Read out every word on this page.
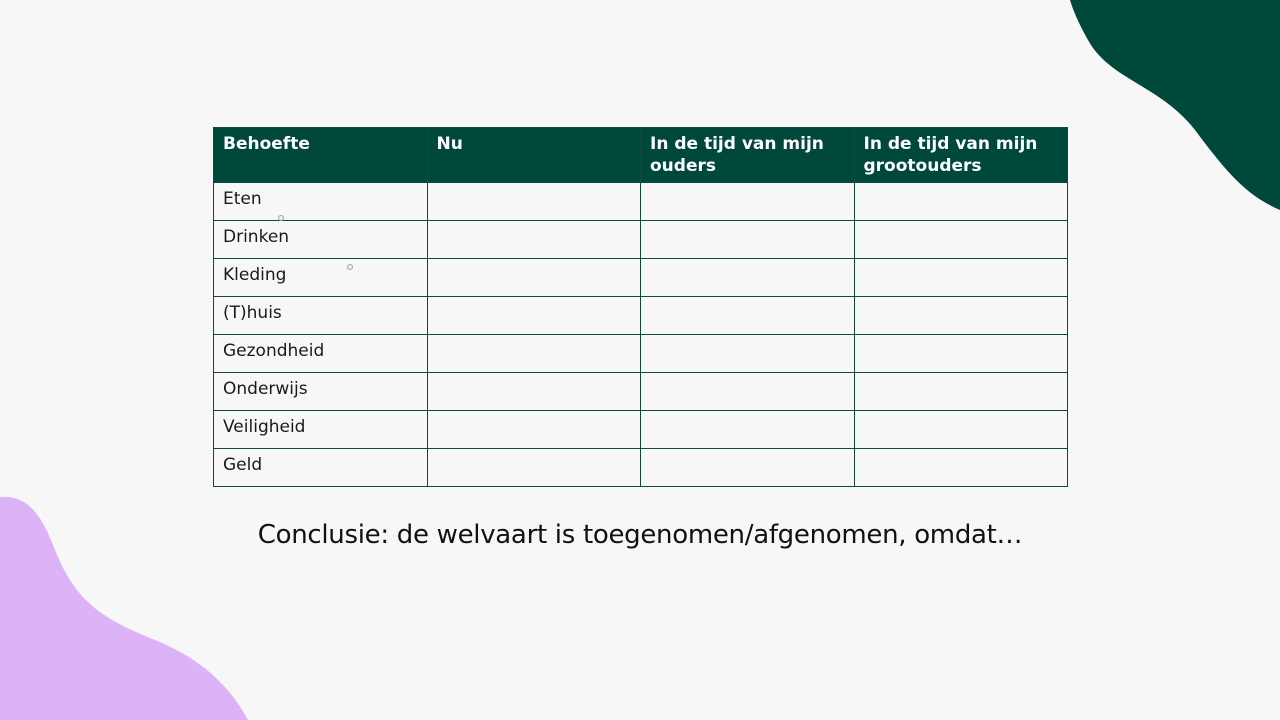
Behoefte	Nu	In de tijd van mijn ouders	In de tijd van mijn grootouders
Eten			
Drinken			
Kleding			
(T)huis			
Gezondheid			
Onderwijs			
Veiligheid			
Geld			
Conclusie: de welvaart is toegenomen/afgenomen, omdat…
